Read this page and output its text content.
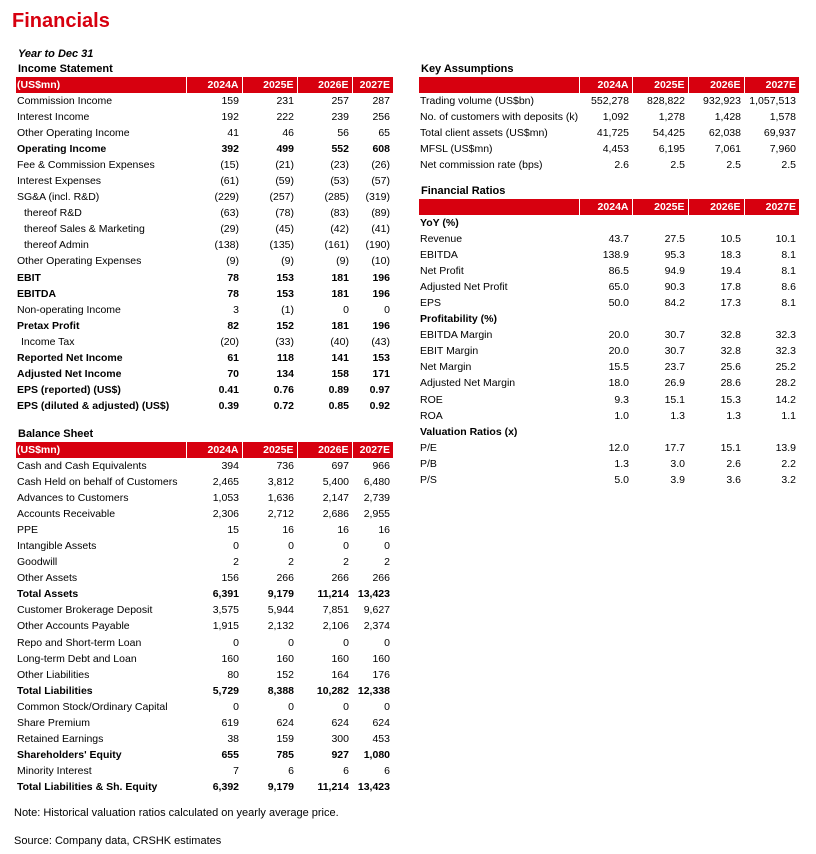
Financials
Year to Dec 31
Income Statement
(US$mn)	2024A	2025E	2026E	2027E
Commission Income	159	231	257	287
Interest Income	192	222	239	256
Other Operating Income	41	46	56	65
Operating Income	392	499	552	608
Fee & Commission Expenses	(15)	(21)	(23)	(26)
Interest Expenses	(61)	(59)	(53)	(57)
SG&A (incl. R&D)	(229)	(257)	(285)	(319)
thereof R&D	(63)	(78)	(83)	(89)
thereof Sales & Marketing	(29)	(45)	(42)	(41)
thereof Admin	(138)	(135)	(161)	(190)
Other Operating Expenses	(9)	(9)	(9)	(10)
EBIT	78	153	181	196
EBITDA	78	153	181	196
Non-operating Income	3	(1)	0	0
Pretax Profit	82	152	181	196
Income Tax	(20)	(33)	(40)	(43)
Reported Net Income	61	118	141	153
Adjusted Net Income	70	134	158	171
EPS (reported) (US$)	0.41	0.76	0.89	0.97
EPS (diluted & adjusted) (US$)	0.39	0.72	0.85	0.92
Balance Sheet
(US$mn)	2024A	2025E	2026E	2027E
Cash and Cash Equivalents	394	736	697	966
Cash Held on behalf of Customers	2,465	3,812	5,400	6,480
Advances to Customers	1,053	1,636	2,147	2,739
Accounts Receivable	2,306	2,712	2,686	2,955
PPE	15	16	16	16
Intangible Assets	0	0	0	0
Goodwill	2	2	2	2
Other Assets	156	266	266	266
Total Assets	6,391	9,179	11,214	13,423
Customer Brokerage Deposit	3,575	5,944	7,851	9,627
Other Accounts Payable	1,915	2,132	2,106	2,374
Repo and Short-term Loan	0	0	0	0
Long-term Debt and Loan	160	160	160	160
Other Liabilities	80	152	164	176
Total Liabilities	5,729	8,388	10,282	12,338
Common Stock/Ordinary Capital	0	0	0	0
Share Premium	619	624	624	624
Retained Earnings	38	159	300	453
Shareholders' Equity	655	785	927	1,080
Minority Interest	7	6	6	6
Total Liabilities & Sh. Equity	6,392	9,179	11,214	13,423
Key Assumptions
	2024A	2025E	2026E	2027E
Trading volume (US$bn)	552,278	828,822	932,923	1,057,513
No. of customers with deposits (k)	1,092	1,278	1,428	1,578
Total client assets (US$mn)	41,725	54,425	62,038	69,937
MFSL (US$mn)	4,453	6,195	7,061	7,960
Net commission rate (bps)	2.6	2.5	2.5	2.5
Financial Ratios
	2024A	2025E	2026E	2027E
YoY (%)				
Revenue	43.7	27.5	10.5	10.1
EBITDA	138.9	95.3	18.3	8.1
Net Profit	86.5	94.9	19.4	8.1
Adjusted Net Profit	65.0	90.3	17.8	8.6
EPS	50.0	84.2	17.3	8.1
Profitability (%)				
EBITDA Margin	20.0	30.7	32.8	32.3
EBIT Margin	20.0	30.7	32.8	32.3
Net Margin	15.5	23.7	25.6	25.2
Adjusted Net Margin	18.0	26.9	28.6	28.2
ROE	9.3	15.1	15.3	14.2
ROA	1.0	1.3	1.3	1.1
Valuation Ratios (x)				
P/E	12.0	17.7	15.1	13.9
P/B	1.3	3.0	2.6	2.2
P/S	5.0	3.9	3.6	3.2
Note: Historical valuation ratios calculated on yearly average price.
Source: Company data, CRSHK estimates
